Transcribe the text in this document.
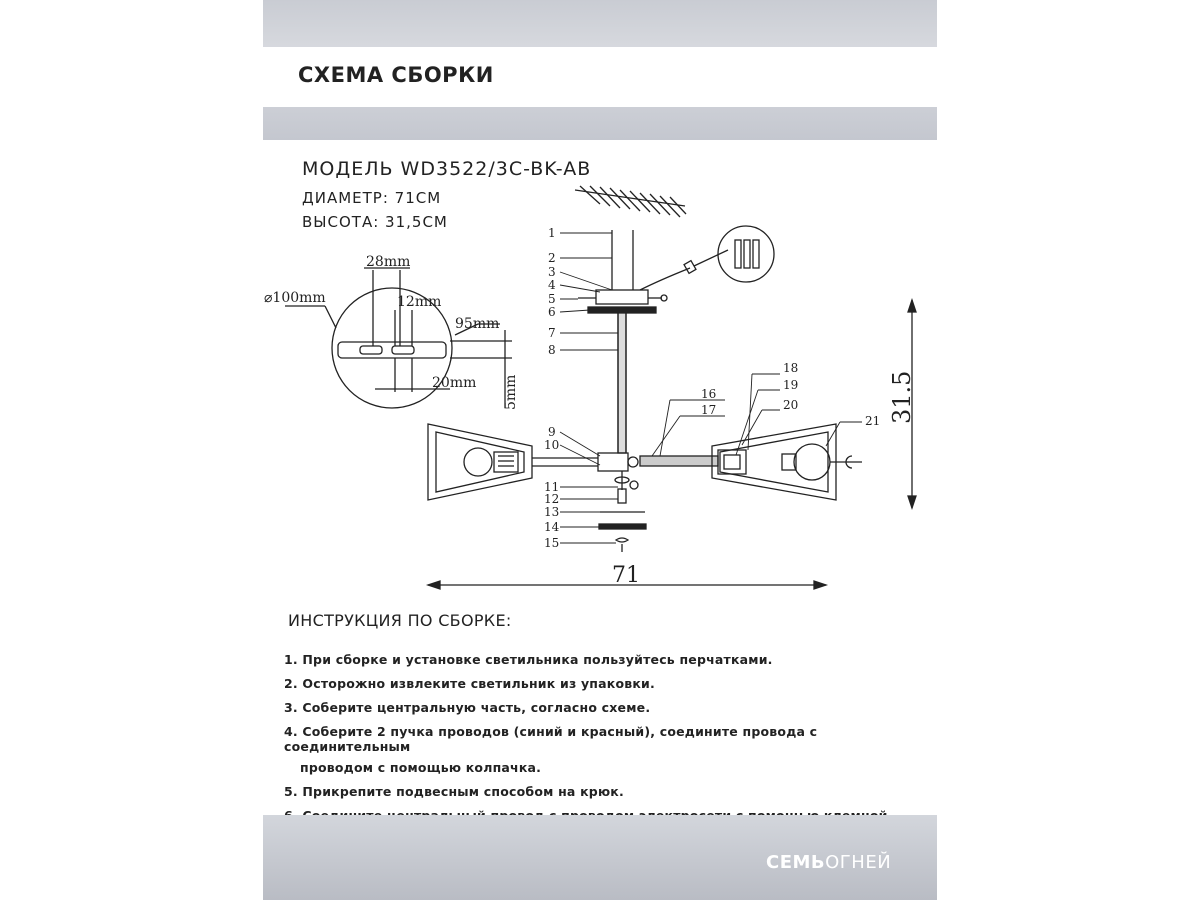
СХЕМА СБОРКИ
МОДЕЛЬ WD3522/3C-BK-AB
ДИАМЕТР: 71СМ
ВЫСОТА: 31,5СМ
1
2
3
4
5
6
7
8
9
10
11
12
13
14
15
16
17
18
19
20
21
⌀100mm
28mm
12mm
95mm
20mm 5mm
71
31.5
ИНСТРУКЦИЯ ПО СБОРКЕ:
1. При сборке и установке светильника пользуйтесь перчатками.
2. Осторожно извлеките светильник из упаковки.
3. Соберите центральную часть, согласно схеме.
4. Соберите 2 пучка проводов (синий и красный), соедините провода с соединительным
проводом с помощью колпачка.
5. Прикрепите подвесным способом на крюк.
СЕМЬОГНЕЙ
